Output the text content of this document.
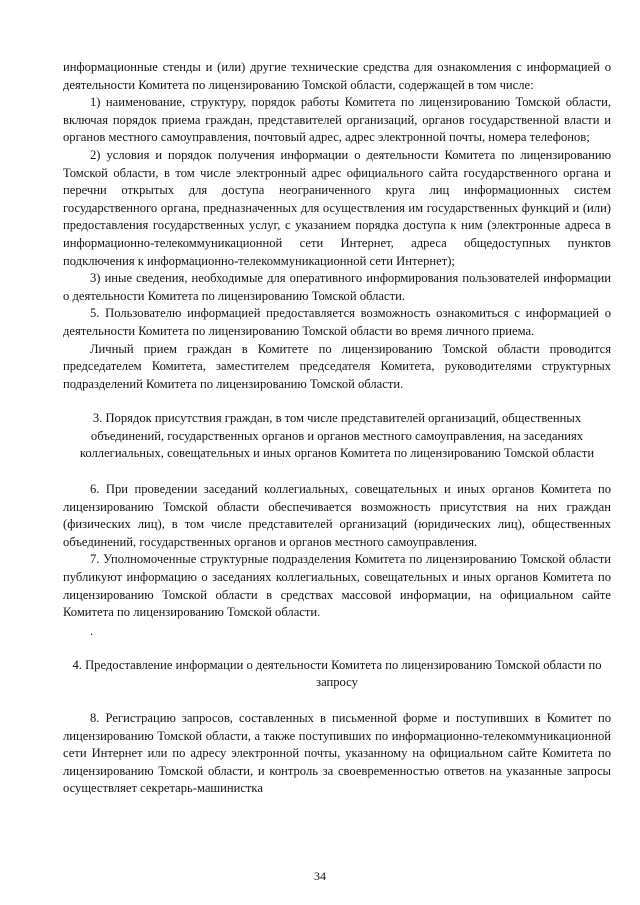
информационные стенды и (или) другие технические средства для ознакомления с информацией о деятельности Комитета по лицензированию Томской области, содержащей в том числе:

1) наименование, структуру, порядок работы Комитета по лицензированию Томской области, включая порядок приема граждан, представителей организаций, органов государственной власти и органов местного самоуправления, почтовый адрес, адрес электронной почты, номера телефонов;

2) условия и порядок получения информации о деятельности Комитета по лицензированию Томской области, в том числе электронный адрес официального сайта государственного органа и перечни открытых для доступа неограниченного круга лиц информационных систем государственного органа, предназначенных для осуществления им государственных функций и (или) предоставления государственных услуг, с указанием порядка доступа к ним (электронные адреса в информационно-телекоммуникационной сети Интернет, адреса общедоступных пунктов подключения к информационно-телекоммуникационной сети Интернет);

3) иные сведения, необходимые для оперативного информирования пользователей информации о деятельности Комитета по лицензированию Томской области.

5. Пользователю информацией предоставляется возможность ознакомиться с информацией о деятельности Комитета по лицензированию Томской области во время личного приема.

Личный прием граждан в Комитете по лицензированию Томской области проводится председателем Комитета, заместителем председателя Комитета, руководителями структурных подразделений Комитета по лицензированию Томской области.

3. Порядок присутствия граждан, в том числе представителей организаций, общественных объединений, государственных органов и органов местного самоуправления, на заседаниях коллегиальных, совещательных и иных органов Комитета по лицензированию Томской области

6. При проведении заседаний коллегиальных, совещательных и иных органов Комитета по лицензированию Томской области обеспечивается возможность присутствия на них граждан (физических лиц), в том числе представителей организаций (юридических лиц), общественных объединений, государственных органов и органов местного самоуправления.

7. Уполномоченные структурные подразделения Комитета по лицензированию Томской области публикуют информацию о заседаниях коллегиальных, совещательных и иных органов Комитета по лицензированию Томской области в средствах массовой информации, на официальном сайте Комитета по лицензированию Томской области.

.
4. Предоставление информации о деятельности Комитета по лицензированию Томской области по запросу

8. Регистрацию запросов, составленных в письменной форме и поступивших в Комитет по лицензированию Томской области, а также поступивших по информационно-телекоммуникационной сети Интернет или по адресу электронной почты, указанному на официальном сайте Комитета по лицензированию Томской области, и контроль за своевременностью ответов на указанные запросы осуществляет секретарь-машинистка

34
